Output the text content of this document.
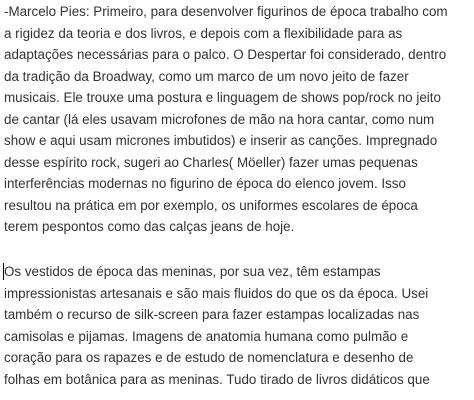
-Marcelo Pies: Primeiro, para desenvolver figurinos de época trabalho com
a rigidez da teoria e dos livros, e depois com a flexibilidade para as
adaptações necessárias para o palco. O Despertar foi considerado, dentro
da tradição da Broadway, como um marco de um novo jeito de fazer
musicais. Ele trouxe uma postura e linguagem de shows pop/rock no jeito
de cantar (lá eles usavam microfones de mão na hora cantar, como num
show e aqui usam micrones imbutidos) e inserir as canções. Impregnado
desse espírito rock, sugeri ao Charles( Möeller) fazer umas pequenas
interferências modernas no figurino de época do elenco jovem. Isso
resultou na prática em por exemplo, os uniformes escolares de época
terem pespontos como das calças jeans de hoje.
Os vestidos de época das meninas, por sua vez, têm estampas
impressionistas artesanais e são mais fluidos do que os da época. Usei
também o recurso de silk-screen para fazer estampas localizadas nas
camisolas e pijamas. Imagens de anatomia humana como pulmão e
coração para os rapazes e de estudo de nomenclatura e desenho de
folhas em botânica para as meninas. Tudo tirado de livros didáticos que
